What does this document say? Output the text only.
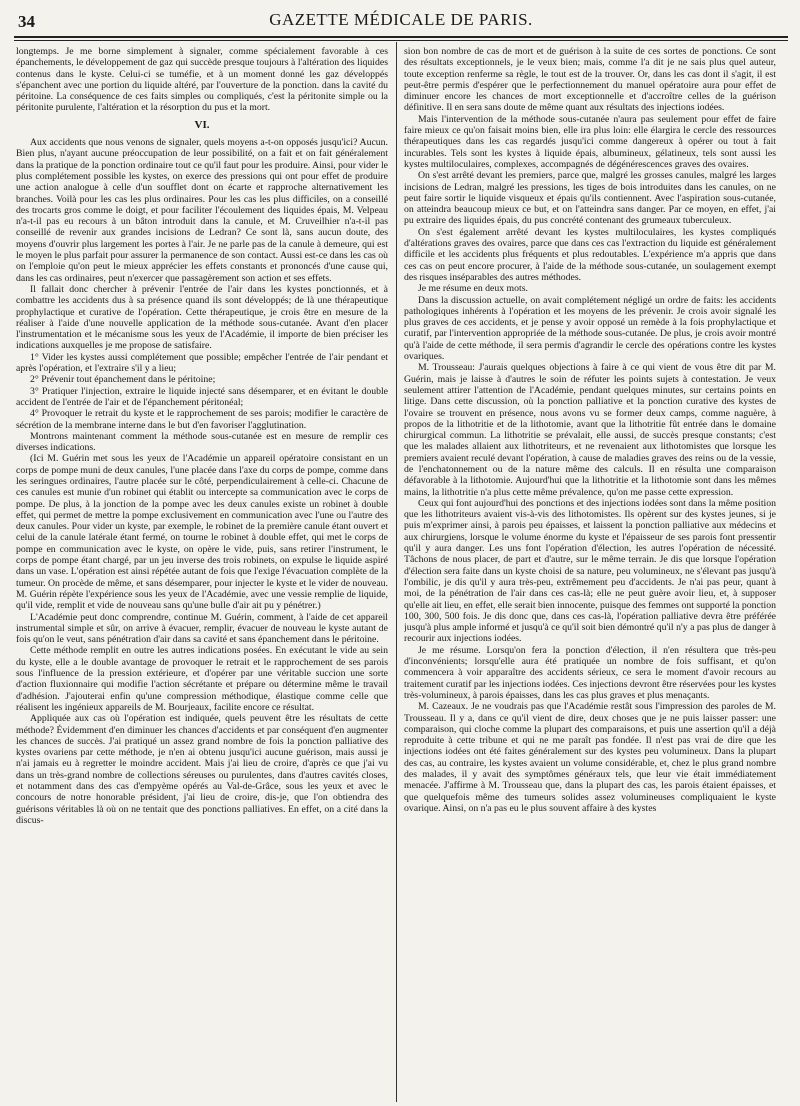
34	GAZETTE MÉDICALE DE PARIS.

longtemps. Je me borne simplement à signaler, comme spécialement favorable à ces épanchements, le développement de gaz qui succède presque toujours à l'altération des liquides contenus dans le kyste. Celui-ci se tuméfie, et à un moment donné les gaz développés s'épanchent avec une portion du liquide altéré, par l'ouverture de la ponction. dans la cavité du péritoine. La conséquence de ces faits simples ou compliqués, c'est la péritonite simple ou la péritonite purulente, l'altération et la résorption du pus et la mort.

VI.

Aux accidents que nous venons de signaler, quels moyens a-t-on opposés jusqu'ici? Aucun. Bien plus, n'ayant aucune préoccupation de leur possibilité, on a fait et on fait généralement dans la pratique de la ponction ordinaire tout ce qu'il faut pour les produire. Ainsi, pour vider le plus complétement possible les kystes, on exerce des pressions qui ont pour effet de produire une action analogue à celle d'un soufflet dont on écarte et rapproche alternativement les branches. Voilà pour les cas les plus ordinaires. Pour les cas les plus difficiles, on a conseillé des trocarts gros comme le doigt, et pour faciliter l'écoulement des liquides épais, M. Velpeau n'a-t-il pas eu recours à un bâton introduit dans la canule, et M. Cruveilhier n'a-t-il pas conseillé de revenir aux grandes incisions de Ledran? Ce sont là, sans aucun doute, des moyens d'ouvrir plus largement les portes à l'air. Je ne parle pas de la canule à demeure, qui est le moyen le plus parfait pour assurer la permanence de son contact. Aussi est-ce dans les cas où on l'emploie qu'on peut le mieux apprécier les effets constants et prononcés d'une cause qui, dans les cas ordinaires, peut n'exercer que passagèrement son action et ses effets.

Il fallait donc chercher à prévenir l'entrée de l'air dans les kystes ponctionnés, et à combattre les accidents dus à sa présence quand ils sont développés; de là une thérapeutique prophylactique et curative de l'opération. Cette thérapeutique, je crois être en mesure de la réaliser à l'aide d'une nouvelle application de la méthode sous-cutanée. Avant d'en placer l'instrumentation et le mécanisme sous les yeux de l'Académie, il importe de bien préciser les indications auxquelles je me propose de satisfaire.

1° Vider les kystes aussi complétement que possible; empêcher l'entrée de l'air pendant et après l'opération, et l'extraire s'il y a lieu;

2° Prévenir tout épanchement dans le péritoine;

3° Pratiquer l'injection, extraire le liquide injecté sans désemparer, et en évitant le double accident de l'entrée de l'air et de l'épanchement péritonéal;

4° Provoquer le retrait du kyste et le rapprochement de ses parois; modifier le caractère de sécrétion de la membrane interne dans le but d'en favoriser l'agglutination.

Montrons maintenant comment la méthode sous-cutanée est en mesure de remplir ces diverses indications.

(Ici M. Guérin met sous les yeux de l'Académie un appareil opératoire consistant en un corps de pompe muni de deux canules, l'une placée dans l'axe du corps de pompe, comme dans les seringues ordinaires, l'autre placée sur le côté, perpendiculairement à celle-ci. Chacune de ces canules est munie d'un robinet qui établit ou intercepte sa communication avec le corps de pompe. De plus, à la jonction de la pompe avec les deux canules existe un robinet à double effet, qui permet de mettre la pompe exclusivement en communication avec l'une ou l'autre des deux canules. Pour vider un kyste, par exemple, le robinet de la première canule étant ouvert et celui de la canule latérale étant fermé, on tourne le robinet à double effet, qui met le corps de pompe en communication avec le kyste, on opère le vide, puis, sans retirer l'instrument, le corps de pompe étant chargé, par un jeu inverse des trois robinets, on expulse le liquide aspiré dans un vase. L'opération est ainsi répétée autant de fois que l'exige l'évacuation complète de la tumeur. On procède de même, et sans désemparer, pour injecter le kyste et le vider de nouveau. M. Guérin répète l'expérience sous les yeux de l'Académie, avec une vessie remplie de liquide, qu'il vide, remplit et vide de nouveau sans qu'une bulle d'air ait pu y pénétrer.)

L'Académie peut donc comprendre, continue M. Guérin, comment, à l'aide de cet appareil instrumental simple et sûr, on arrive à évacuer, remplir, évacuer de nouveau le kyste autant de fois qu'on le veut, sans pénétration d'air dans sa cavité et sans épanchement dans le péritoine.

Cette méthode remplit en outre les autres indications posées. En exécutant le vide au sein du kyste, elle a le double avantage de provoquer le retrait et le rapprochement de ses parois sous l'influence de la pression extérieure, et d'opérer par une véritable succion une sorte d'action fluxionnaire qui modifie l'action sécrétante et prépare ou détermine même le travail d'adhésion. J'ajouterai enfin qu'une compression méthodique, élastique comme celle que réalisent les ingénieux appareils de M. Bourjeaux, facilite encore ce résultat.

Appliquée aux cas où l'opération est indiquée, quels peuvent être les résultats de cette méthode? Évidemment d'en diminuer les chances d'accidents et par conséquent d'en augmenter les chances de succès. J'ai pratiqué un assez grand nombre de fois la ponction palliative des kystes ovariens par cette méthode, je n'en ai obtenu jusqu'ici aucune guérison, mais aussi je n'ai jamais eu à regretter le moindre accident. Mais j'ai lieu de croire, d'après ce que j'ai vu dans un très-grand nombre de collections séreuses ou purulentes, dans d'autres cavités closes, et notamment dans des cas d'empyème opérés au Val-de-Grâce, sous les yeux et avec le concours de notre honorable président, j'ai lieu de croire, dis-je, que l'on obtiendra des guérisons véritables là où on ne tentait que des ponctions palliatives. En effet, on a cité dans la discus-

sion bon nombre de cas de mort et de guérison à la suite de ces sortes de ponctions. Ce sont des résultats exceptionnels, je le veux bien; mais, comme l'a dit je ne sais plus quel auteur, toute exception renferme sa règle, le tout est de la trouver. Or, dans les cas dont il s'agit, il est peut-être permis d'espérer que le perfectionnement du manuel opératoire aura pour effet de diminuer encore les chances de mort exceptionnelle et d'accroître celles de la guérison définitive. Il en sera sans doute de même quant aux résultats des injections iodées.

Mais l'intervention de la méthode sous-cutanée n'aura pas seulement pour effet de faire faire mieux ce qu'on faisait moins bien, elle ira plus loin: elle élargira le cercle des ressources thérapeutiques dans les cas regardés jusqu'ici comme dangereux à opérer ou tout à fait incurables. Tels sont les kystes à liquide épais, albumineux, gélatineux, tels sont aussi les kystes multiloculaires, complexes, accompagnés de dégénérescences graves des ovaires.

On s'est arrêté devant les premiers, parce que, malgré les grosses canules, malgré les larges incisions de Ledran, malgré les pressions, les tiges de bois introduites dans les canules, on ne peut faire sortir le liquide visqueux et épais qu'ils contiennent. Avec l'aspiration sous-cutanée, on atteindra beaucoup mieux ce but, et on l'atteindra sans danger. Par ce moyen, en effet, j'ai pu extraire des liquides épais, du pus concrété contenant des grumeaux tuberculeux.

On s'est également arrêté devant les kystes multiloculaires, les kystes compliqués d'altérations graves des ovaires, parce que dans ces cas l'extraction du liquide est généralement difficile et les accidents plus fréquents et plus redoutables. L'expérience m'a appris que dans ces cas on peut encore procurer, à l'aide de la méthode sous-cutanée, un soulagement exempt des risques inséparables des autres méthodes.

Je me résume en deux mots.

Dans la discussion actuelle, on avait complétement négligé un ordre de faits: les accidents pathologiques inhérents à l'opération et les moyens de les prévenir. Je crois avoir signalé les plus graves de ces accidents, et je pense y avoir opposé un remède à la fois prophylactique et curatif, par l'intervention appropriée de la méthode sous-cutanée. De plus, je crois avoir montré qu'à l'aide de cette méthode, il sera permis d'agrandir le cercle des opérations contre les kystes ovariques.

M. Trousseau: J'aurais quelques objections à faire à ce qui vient de vous être dit par M. Guérin, mais je laisse à d'autres le soin de réfuter les points sujets à contestation. Je veux seulement attirer l'attention de l'Académie, pendant quelques minutes, sur certains points en litige. Dans cette discussion, où la ponction palliative et la ponction curative des kystes de l'ovaire se trouvent en présence, nous avons vu se former deux camps, comme naguère, à propos de la lithotritie et de la lithotomie, avant que la lithotritie fût entrée dans le domaine chirurgical commun. La lithotritie se prévalait, elle aussi, de succès presque constants; c'est que les malades allaient aux lithotriteurs, et ne revenaient aux lithotomistes que lorsque les premiers avaient reculé devant l'opération, à cause de maladies graves des reins ou de la vessie, de l'enchatonnement ou de la nature même des calculs. Il en résulta une comparaison défavorable à la lithotomie. Aujourd'hui que la lithotritie et la lithotomie sont dans les mêmes mains, la lithotritie n'a plus cette même prévalence, qu'on me passe cette expression.

Ceux qui font aujourd'hui des ponctions et des injections iodées sont dans la même position que les lithotriteurs avaient vis-à-vis des lithotomistes. Ils opèrent sur des kystes jeunes, si je puis m'exprimer ainsi, à parois peu épaisses, et laissent la ponction palliative aux médecins et aux chirurgiens, lorsque le volume énorme du kyste et l'épaisseur de ses parois font pressentir qu'il y aura danger. Les uns font l'opération d'élection, les autres l'opération de nécessité. Tâchons de nous placer, de part et d'autre, sur le même terrain. Je dis que lorsque l'opération d'élection sera faite dans un kyste choisi de sa nature, peu volumineux, ne s'élevant pas jusqu'à l'ombilic, je dis qu'il y aura très-peu, extrêmement peu d'accidents. Je n'ai pas peur, quant à moi, de la pénétration de l'air dans ces cas-là; elle ne peut guère avoir lieu, et, à supposer qu'elle ait lieu, en effet, elle serait bien innocente, puisque des femmes ont supporté la ponction 100, 300, 500 fois. Je dis donc que, dans ces cas-là, l'opération palliative devra être préférée jusqu'à plus ample informé et jusqu'à ce qu'il soit bien démontré qu'il n'y a pas plus de danger à recourir aux injections iodées.

Je me résume. Lorsqu'on fera la ponction d'élection, il n'en résultera que très-peu d'inconvénients; lorsqu'elle aura été pratiquée un nombre de fois suffisant, et qu'on commencera à voir apparaître des accidents sérieux, ce sera le moment d'avoir recours au traitement curatif par les injections iodées. Ces injections devront être réservées pour les kystes très-volumineux, à parois épaisses, dans les cas plus graves et plus menaçants.

M. Cazeaux. Je ne voudrais pas que l'Académie restât sous l'impression des paroles de M. Trousseau. Il y a, dans ce qu'il vient de dire, deux choses que je ne puis laisser passer: une comparaison, qui cloche comme la plupart des comparaisons, et puis une assertion qu'il a déjà reproduite à cette tribune et qui ne me paraît pas fondée. Il n'est pas vrai de dire que les injections iodées ont été faites généralement sur des kystes peu volumineux. Dans la plupart des cas, au contraire, les kystes avaient un volume considérable, et, chez le plus grand nombre des malades, il y avait des symptômes généraux tels, que leur vie était immédiatement menacée. J'affirme à M. Trousseau que, dans la plupart des cas, les parois étaient épaisses, et que quelquefois même des tumeurs solides assez volumineuses compliquaient le kyste ovarique. Ainsi, on n'a pas eu le plus souvent affaire à des kystes
